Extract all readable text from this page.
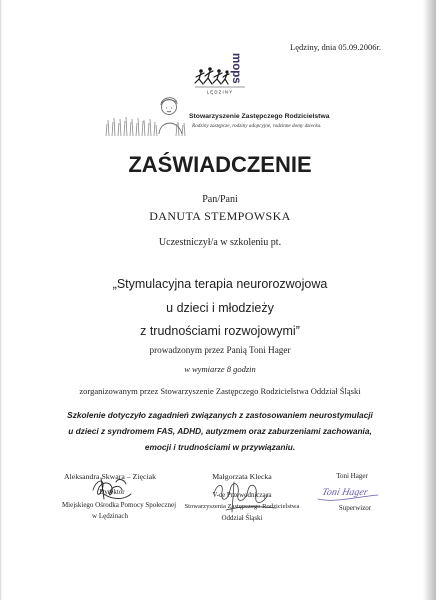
Lędziny, dnia 05.09.2006r.
mops
LĘDZINY
Stowarzyszenie Zastępczego Rodzicielstwa
Rodziny zastępcze, rodziny adopcyjne, rodzinne domy dziecka.
ZAŚWIADCZENIE
Pan/Pani
DANUTA STEMPOWSKA
Uczestniczył/a w szkoleniu pt.
„Stymulacyjna terapia neurorozwojowa
u dzieci i młodzieży
z trudnościami rozwojowymi”
prowadzonym przez Panią Toni Hager
w wymiarze 8 godzin
zorganizowanym przez Stowarzyszenie Zastępczego Rodzicielstwa Oddział Śląski
Szkolenie dotyczyło zagadnień związanych z zastosowaniem neurostymulacji
u dzieci z syndromem FAS, ADHD, autyzmem oraz zaburzeniami zachowania,
emocji i trudnościami w przywiązaniu.
Aleksandra Skwara – Zięciak
Dyrektor
Miejskiego Ośrodka Pomocy Społecznej
w Lędzinach
Małgorzata Klecka
V-ce Przewodnicząca
Stowarzyszenia Zastępczego Rodzicielstwa
Oddział Śląski
Toni Hager
Superwizor
Toni Hager
